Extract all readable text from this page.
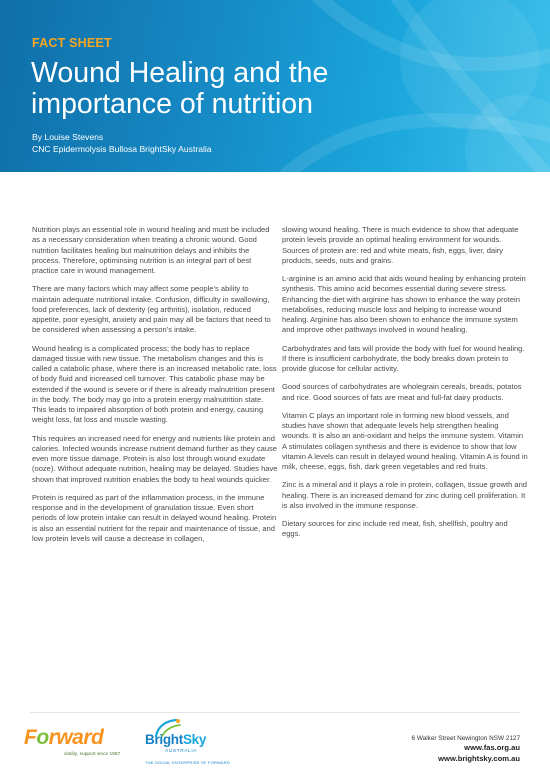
FACT SHEET
Wound Healing and the
importance of nutrition
By Louise Stevens
CNC Epidermolysis Bullosa BrightSky Australia

Nutrition plays an essential role in wound healing and must be included as a necessary consideration when treating a chronic wound. Good nutrition facilitates healing but malnutrition delays and inhibits the process. Therefore, optiminsing nutrition is an integral part of best practice care in wound management.

There are many factors which may affect some people’s ability to maintain adequate nutritional intake. Confusion, difficulty in swallowing, food preferences, lack of dexterity (eg arthritis), isolation, reduced appetite, poor eyesight, anxiety and pain may all be factors that need to be considered when assessing a person’s intake.

Wound healing is a complicated process; the body has to replace damaged tissue with new tissue. The metabolism changes and this is called a catabolic phase, where there is an increased metabolic rate, loss of body fluid and increased cell turnover. This catabolic phase may be extended if the wound is severe or if there is already malnutrition present in the body. The body may go into a protein energy malnutrition state. This leads to impaired absorption of both protein and energy, causing weight loss, fat loss and muscle wasting.

This requires an increased need for energy and nutrients like protein and calories. Infected wounds increase nutrient demand further as they cause even more tissue damage. Protein is also lost through wound exudate (ooze). Without adequate nutrition, healing may be delayed. Studies have shown that improved nutrition enables the body to heal wounds quicker.

Protein is required as part of the inflammation process, in the immune response and in the development of granulation tissue. Even short periods of low protein intake can result in delayed wound healing. Protein is also an essential nutrient for the repair and maintenance of tissue, and low protein levels will cause a decrease in collagen,

slowing wound healing. There is much evidence to show that adequate protein levels provide an optimal healing environment for wounds. Sources of protein are: red and white meats, fish, eggs, liver, dairy products, seeds, nuts and grains.

L-arginine is an amino acid that aids wound healing by enhancing protein synthesis. This amino acid becomes essential during severe stress. Enhancing the diet with arginine has shown to enhance the way protein metabolises, reducing muscle loss and helping to increase wound healing. Arginine has also been shown to enhance the immune system and improve other pathways involved in wound healing.

Carbohydrates and fats will provide the body with fuel for wound healing. If there is insufficient carbohydrate, the body breaks down protein to provide glucose for cellular activity.

Good sources of carbohydrates are wholegrain cereals, breads, potatos and rice. Good sources of fats are meat and full-fat dairy products.

Vitamin C plays an important role in forming new blood vessels, and studies have shown that adequate levels help strengthen healing wounds. It is also an anti-oxidant and helps the immune system. Vitamin A stimulates collagen synthesis and there is evidence to show that low vitamin A levels can result in delayed wound healing. Vitamin A is found in milk, cheese, eggs, fish, dark green vegetables and red fruits.

Zinc is a mineral and it plays a role in protein, collagen, tissue growth and healing. There is an increased demand for zinc during cell proliferation. It is also involved in the immune response.

Dietary sources for zinc include red meat, fish, shellfish, poultry and eggs.

Forward
vitality, support since 1987
BrightSky
AUSTRALIA
THE SOCIAL ENTERPRISE OF FORWARD
6 Walker Street Newington NSW 2127
www.fas.org.au
www.brightsky.com.au
